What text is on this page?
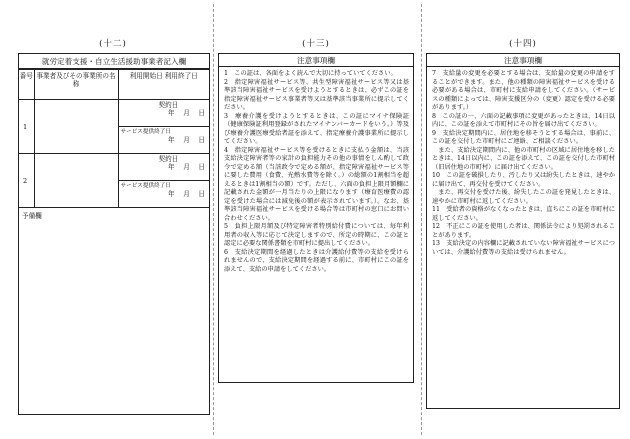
(十二)
就労定着支援・自立生活援助事業者記入欄
番号	事業者及びその事業所の名称	利用開始日 利用終了日
1		契約日
年　月　日

		サービス提供終了日
年　月　日

2		契約日
年　月　日

		サービス提供終了日
年　月　日
予備欄
(十三)
注意事項欄

1　この証は、各面をよく読んで大切に持っていてください。

2　指定障害福祉サービス等、共生型障害福祉サービス等又は基準該当障害福祉サービスを受けようとするときは、必ずこの証を指定障害福祉サービス事業者等又は基準該当事業所に提示してください。

3　療養介護を受けようとするときは、この証にマイナ保険証（健康保険証利用登録がされたマイナンバーカードをいう。）等及び療養介護医療受給者証を添えて、指定療養介護事業所に提示してください。

4　指定障害福祉サービス等を受けるときに支払う金額は、当該支給決定障害者等の家計の負担能力その他の事情をしん酌して政令で定める額（当該政令で定める額が、指定障害福祉サービス等に要した費用（食費、光熱水費等を除く。）の総額の1割相当を超えるときは1割相当の額）です。ただし、六面の負担上限月額欄に記載された金額が一月当たりの上限になります（療育医療費の認定を受けた場合には減免後の額が表示されています。）。なお、基準該当障害福祉サービスを受ける場合等は市町村の窓口にお問い合わせください。

5　負担上限月額及び特定障害者特別給付費については、毎年利用者の収入等に応じて決定しますので、所定の時期に、この証と認定に必要な関係書類を市町村に提出してください。

6　支給決定期間を経過したときは介護給付費等の支給を受けられませんので、支給決定期間を経過する前に、市町村にこの証を添えて、支給の申請をしてください。

(十四)
注意事項欄

7　支給量の変更を必要とする場合は、支給量の変更の申請をすることができます。また、他の種類の障害福祉サービスを受ける必要がある場合は、市町村に支給申請をしてください。（サービスの種類によっては、障害支援区分の（変更）認定を受ける必要があります。）

8　この証の一、六面の記載事項に変更があったときは、14日以内に、この証を添えて市町村にその旨を届け出てください。

9　支給決定期間内に、居住地を移そうとする場合は、事前に、この証を交付した市町村にご連絡、ご相談ください。

　また、支給決定期間内に、他の市町村の区域に居住地を移したときは、14日以内に、この証を添えて、この証を交付した市町村（旧居住地の市町村）に届け出てください。

10　この証を破損したり、汚したり又は紛失したときは、速やかに届け出て、再交付を受けてください。

　また、再交付を受けた後、紛失したこの証を発見したときは、速やかに市町村に返してください。

11　受給者の資格がなくなったときは、直ちにこの証を市町村に返してください。

12　不正にこの証を使用した者は、関係法令により処罰されることがあります。

13　支給決定の内容欄に記載されていない障害福祉サービスについては、介護給付費等の支給は受けられません。
